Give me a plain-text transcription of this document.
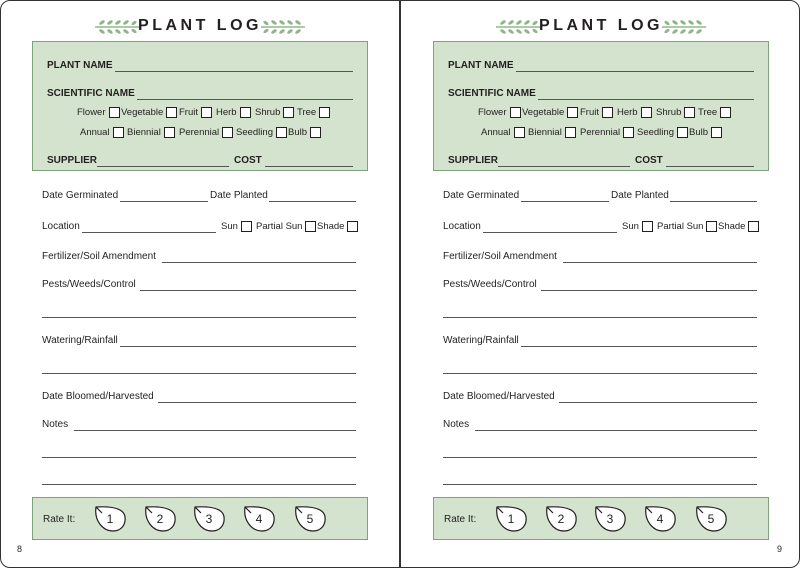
PLANT LOG
PLANT NAME
SCIENTIFIC NAME
Flower Vegetable Fruit Herb Shrub Tree
Annual Biennial Perennial Seedling Bulb
SUPPLIER	COST
Date Germinated	Date Planted
Location	Sun Partial Sun Shade
Fertilizer/Soil Amendment
Pests/Weeds/Control
Watering/Rainfall
Date Bloomed/Harvested
Notes
Rate It:	1	2	3	4	5
8
PLANT LOG
PLANT NAME
SCIENTIFIC NAME
Flower Vegetable Fruit Herb Shrub Tree
Annual Biennial Perennial Seedling Bulb
SUPPLIER	COST
Date Germinated	Date Planted
Location	Sun Partial Sun Shade
Fertilizer/Soil Amendment
Pests/Weeds/Control
Watering/Rainfall
Date Bloomed/Harvested
Notes
Rate It:	1	2	3	4	5
9
